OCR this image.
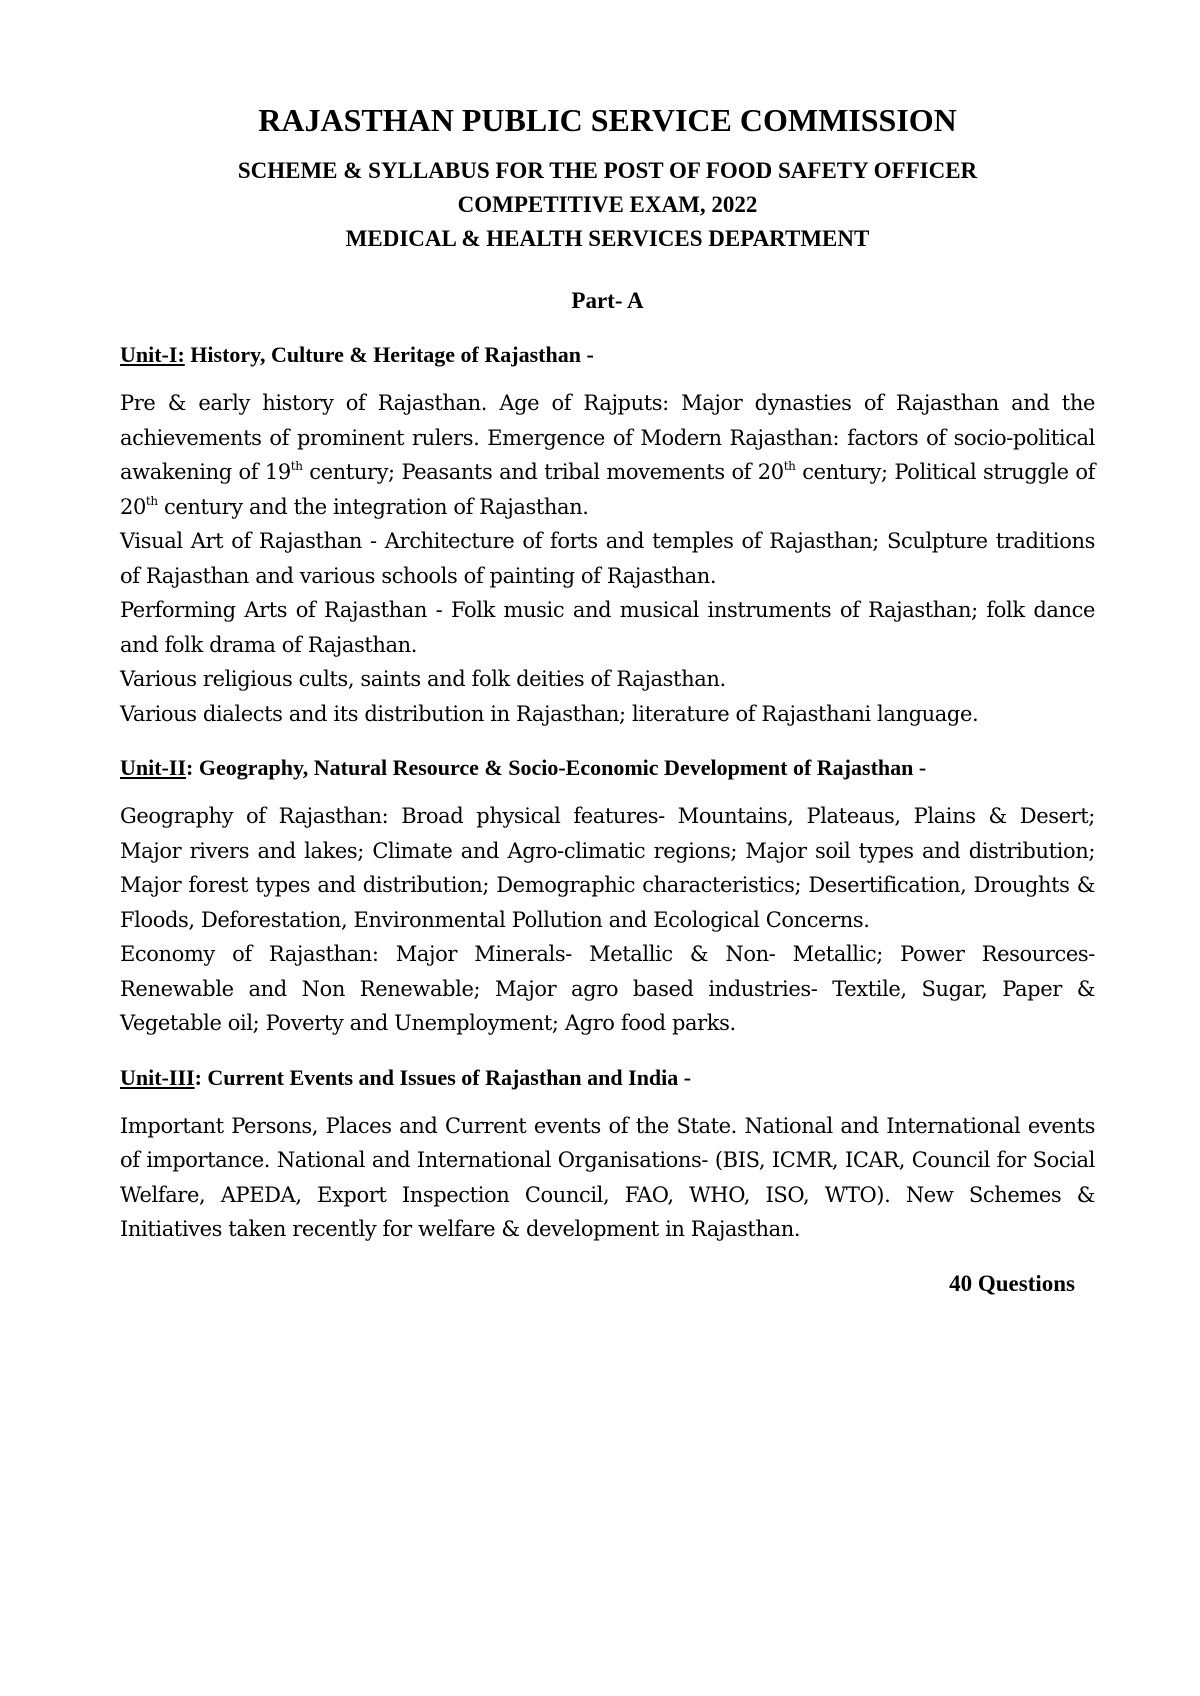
RAJASTHAN PUBLIC SERVICE COMMISSION
SCHEME & SYLLABUS FOR THE POST OF FOOD SAFETY OFFICER
COMPETITIVE EXAM, 2022
MEDICAL & HEALTH SERVICES DEPARTMENT
Part- A
Unit-I: History, Culture & Heritage of Rajasthan -

Pre & early history of Rajasthan. Age of Rajputs: Major dynasties of Rajasthan and the achievements of prominent rulers. Emergence of Modern Rajasthan: factors of socio-political awakening of 19th century; Peasants and tribal movements of 20th century; Political struggle of 20th century and the integration of Rajasthan.

Visual Art of Rajasthan - Architecture of forts and temples of Rajasthan; Sculpture traditions of Rajasthan and various schools of painting of Rajasthan.

Performing Arts of Rajasthan - Folk music and musical instruments of Rajasthan; folk dance and folk drama of Rajasthan.

Various religious cults, saints and folk deities of Rajasthan.

Various dialects and its distribution in Rajasthan; literature of Rajasthani language.

Unit-II: Geography, Natural Resource & Socio-Economic Development of Rajasthan -

Geography of Rajasthan: Broad physical features- Mountains, Plateaus, Plains & Desert; Major rivers and lakes; Climate and Agro-climatic regions; Major soil types and distribution; Major forest types and distribution; Demographic characteristics; Desertification, Droughts & Floods, Deforestation, Environmental Pollution and Ecological Concerns.

Economy of Rajasthan: Major Minerals- Metallic & Non- Metallic; Power Resources- Renewable and Non Renewable; Major agro based industries- Textile, Sugar, Paper & Vegetable oil; Poverty and Unemployment; Agro food parks.

Unit-III: Current Events and Issues of Rajasthan and India -

Important Persons, Places and Current events of the State. National and International events of importance. National and International Organisations- (BIS, ICMR, ICAR, Council for Social Welfare, APEDA, Export Inspection Council, FAO, WHO, ISO, WTO). New Schemes & Initiatives taken recently for welfare & development in Rajasthan.

40 Questions
